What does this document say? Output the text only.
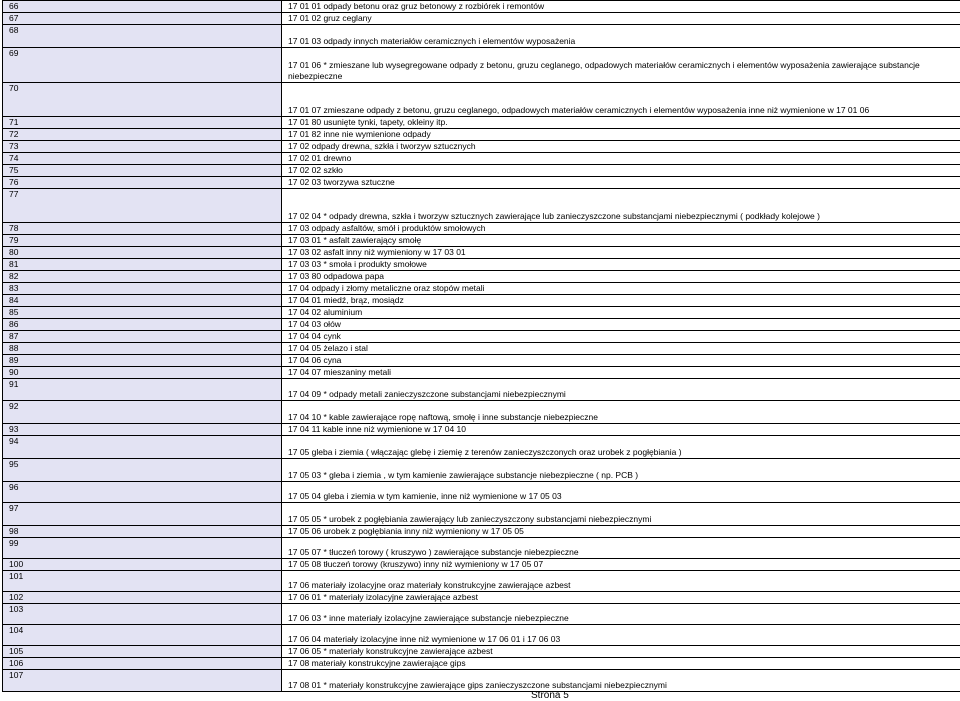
66	17 01 01 odpady betonu oraz gruz betonowy z rozbiórek i remontów
67	17 01 02 gruz ceglany
68	17 01 03 odpady innych materiałów ceramicznych i elementów wyposażenia
69	17 01 06 * zmieszane lub wysegregowane odpady z betonu, gruzu ceglanego, odpadowych materiałów ceramicznych i elementów wyposażenia zawierające substancje niebezpieczne
70	17 01 07 zmieszane odpady z betonu, gruzu ceglanego, odpadowych materiałów ceramicznych i elementów wyposażenia inne niż wymienione w 17 01 06
71	17 01 80 usunięte tynki, tapety, okleiny itp.
72	17 01 82 inne nie wymienione odpady
73	17 02 odpady drewna, szkła i tworzyw sztucznych
74	17 02 01 drewno
75	17 02 02 szkło
76	17 02 03 tworzywa sztuczne
77	17 02 04 * odpady drewna, szkła i tworzyw sztucznych zawierające lub zanieczyszczone substancjami niebezpiecznymi ( podkłady kolejowe )
78	17 03 odpady asfaltów, smół i produktów smołowych
79	17 03 01 * asfalt zawierający smołę
80	17 03 02 asfalt inny niż wymieniony w 17 03 01
81	17 03 03 * smoła i produkty smołowe
82	17 03 80 odpadowa papa
83	17 04 odpady i złomy metaliczne oraz stopów metali
84	17 04 01 miedź, brąz, mosiądz
85	17 04 02 aluminium
86	17 04 03 ołów
87	17 04 04 cynk
88	17 04 05 żelazo i stal
89	17 04 06 cyna
90	17 04 07 mieszaniny metali
91	17 04 09 * odpady metali zanieczyszczone substancjami niebezpiecznymi
92	17 04 10 * kable zawierające ropę naftową, smołę i inne substancje niebezpieczne
93	17 04 11 kable inne niż wymienione w 17 04 10
94	17 05 gleba i ziemia ( włączając glebę i ziemię z terenów zanieczyszczonych oraz urobek z pogłębiania )
95	17 05 03 * gleba i ziemia , w tym kamienie zawierające substancje niebezpieczne ( np. PCB )
96	17 05 04 gleba i ziemia w tym kamienie, inne niż wymienione w 17 05 03
97	17 05 05 * urobek z pogłębiania zawierający lub zanieczyszczony substancjami niebezpiecznymi
98	17 05 06 urobek z pogłębiania inny niż wymieniony w 17 05 05
99	17 05 07 * tłuczeń torowy ( kruszywo ) zawierające substancje niebezpieczne
100	17 05 08 tłuczeń torowy (kruszywo) inny niż wymieniony w 17 05 07
101	17 06 materiały izolacyjne oraz materiały konstrukcyjne zawierające azbest
102	17 06 01 * materiały izolacyjne zawierające azbest
103	17 06 03 * inne materiały izolacyjne zawierające substancje niebezpieczne
104	17 06 04 materiały izolacyjne inne niż wymienione w 17 06 01 i 17 06 03
105	17 06 05 * materiały konstrukcyjne zawierające azbest
106	17 08 materiały konstrukcyjne zawierające gips
107	17 08 01 * materiały konstrukcyjne zawierające gips zanieczyszczone substancjami niebezpiecznymi
Strona 5
